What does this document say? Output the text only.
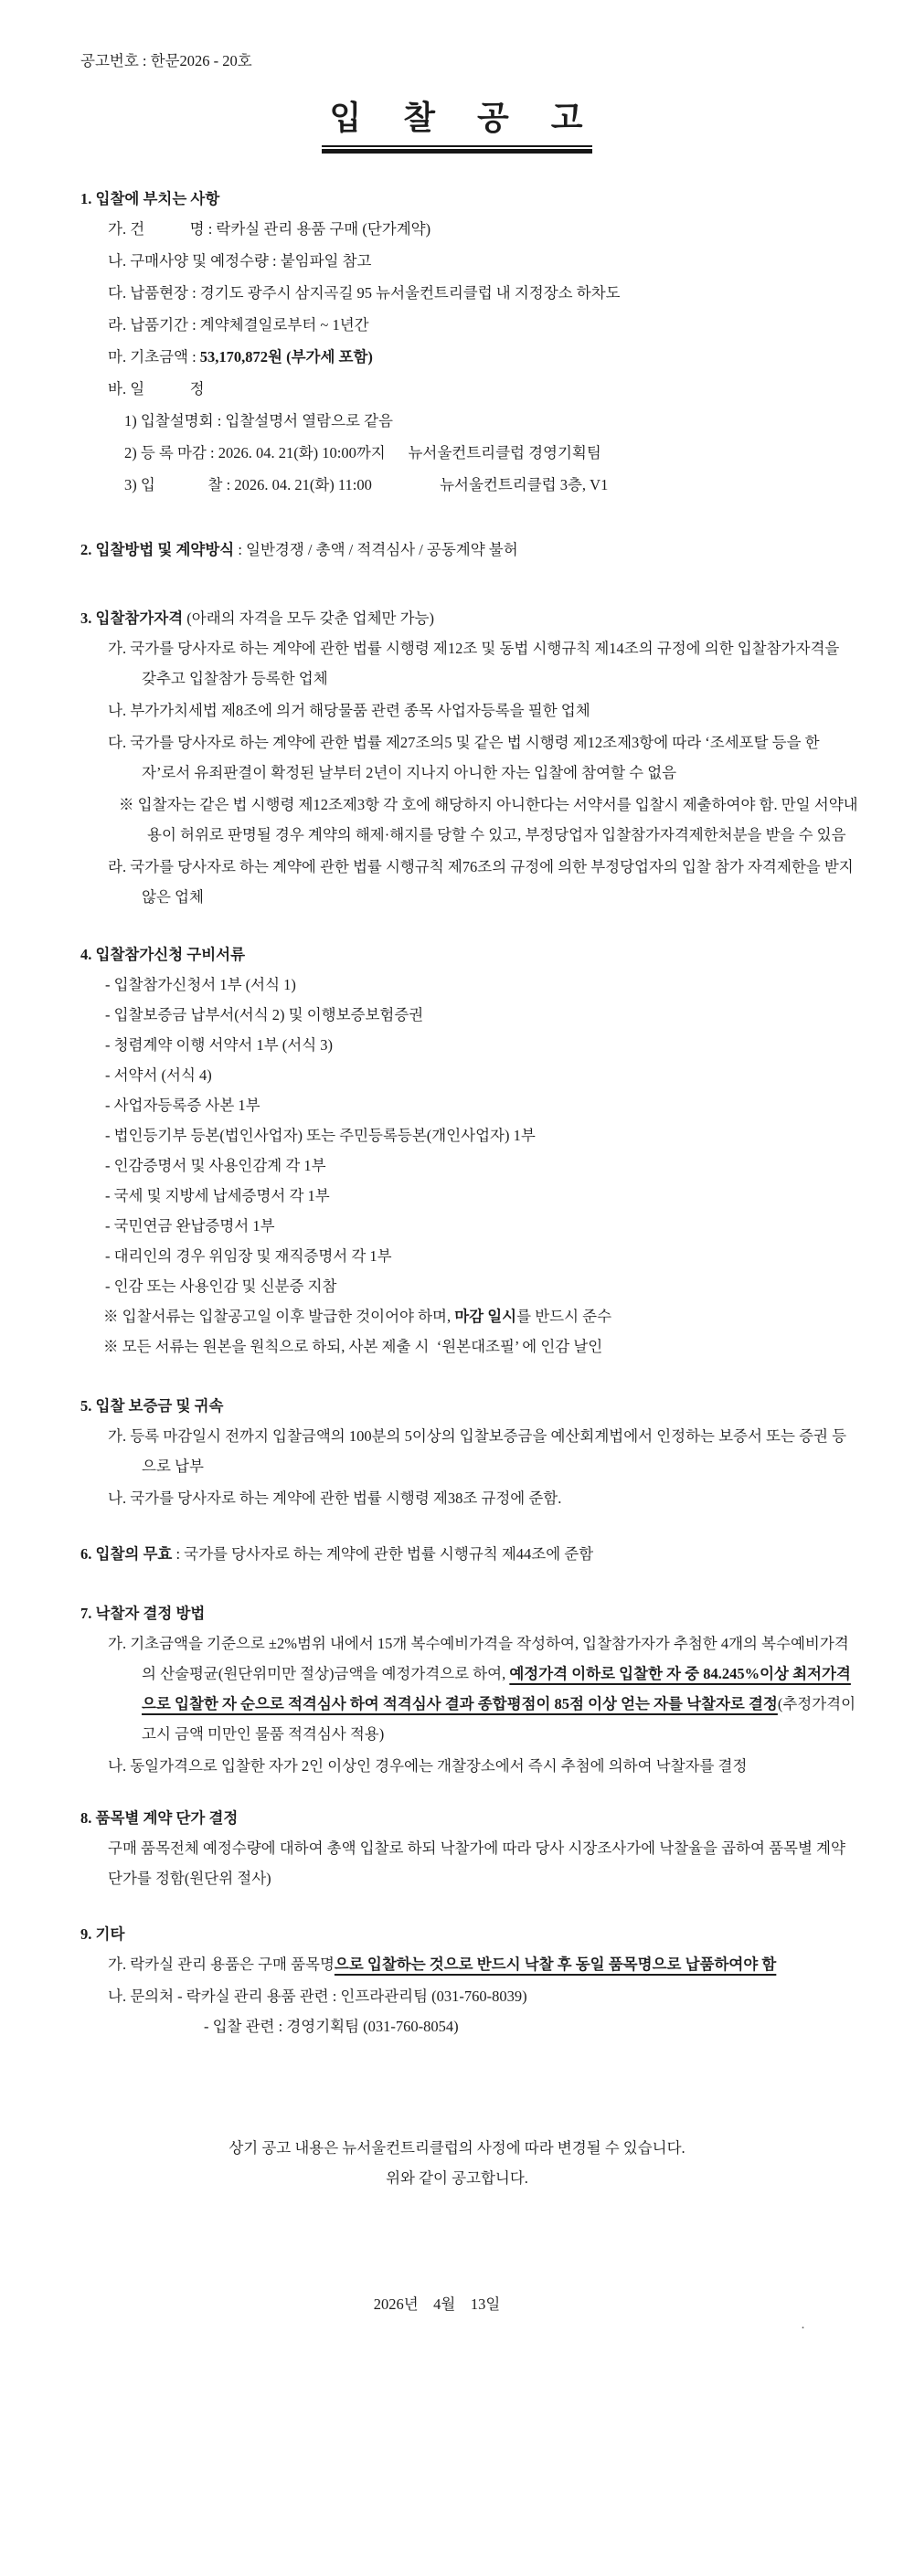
공고번호 : 한문2026 - 20호
입    찰    공    고
1. 입찰에 부치는 사항
가. 건            명 : 락카실 관리 용품 구매 (단가계약)
나. 구매사양 및 예정수량 : 붙임파일 참고
다. 납품현장 : 경기도 광주시 삼지곡길 95 뉴서울컨트리클럽 내 지정장소 하차도
라. 납품기간 : 계약체결일로부터 ~ 1년간
마. 기초금액 : 53,170,872원 (부가세 포함)
바. 일            정
1) 입찰설명회 : 입찰설명서 열람으로 같음
2) 등 록 마감 : 2026. 04. 21(화) 10:00까지      뉴서울컨트리클럽 경영기획팀
3) 입              찰 : 2026. 04. 21(화) 11:00                  뉴서울컨트리클럽 3층, V1
2. 입찰방법 및 계약방식 : 일반경쟁 / 총액 / 적격심사 / 공동계약 불허
3. 입찰참가자격 (아래의 자격을 모두 갖춘 업체만 가능)
가. 국가를 당사자로 하는 계약에 관한 법률 시행령 제12조 및 동법 시행규칙 제14조의 규정에 의한 입찰참가자격을 갖추고 입찰참가 등록한 업체
나. 부가가치세법 제8조에 의거 해당물품 관련 종목 사업자등록을 필한 업체
다. 국가를 당사자로 하는 계약에 관한 법률 제27조의5 및 같은 법 시행령 제12조제3항에 따라 ‘조세포탈 등을 한 자’로서 유죄판결이 확정된 날부터 2년이 지나지 아니한 자는 입찰에 참여할 수 없음
※ 입찰자는 같은 법 시행령 제12조제3항 각 호에 해당하지 아니한다는 서약서를 입찰시 제출하여야 함. 만일 서약내용이 허위로 판명될 경우 계약의 해제·해지를 당할 수 있고, 부정당업자 입찰참가자격제한처분을 받을 수 있음
라. 국가를 당사자로 하는 계약에 관한 법률 시행규칙 제76조의 규정에 의한 부정당업자의 입찰 참가 자격제한을 받지 않은 업체
4. 입찰참가신청 구비서류
- 입찰참가신청서 1부 (서식 1)
- 입찰보증금 납부서(서식 2) 및 이행보증보험증권
- 청렴계약 이행 서약서 1부 (서식 3)
- 서약서 (서식 4)
- 사업자등록증 사본 1부
- 법인등기부 등본(법인사업자) 또는 주민등록등본(개인사업자) 1부
- 인감증명서 및 사용인감계 각 1부
- 국세 및 지방세 납세증명서 각 1부
- 국민연금 완납증명서 1부
- 대리인의 경우 위임장 및 재직증명서 각 1부
- 인감 또는 사용인감 및 신분증 지참
※ 입찰서류는 입찰공고일 이후 발급한 것이어야 하며, 마감 일시를 반드시 준수
※ 모든 서류는 원본을 원칙으로 하되, 사본 제출 시  ‘원본대조필’ 에 인감 날인
5. 입찰 보증금 및 귀속
가. 등록 마감일시 전까지 입찰금액의 100분의 5이상의 입찰보증금을 예산회계법에서 인정하는 보증서 또는 증권 등으로 납부
나. 국가를 당사자로 하는 계약에 관한 법률 시행령 제38조 규정에 준함.
6. 입찰의 무효 : 국가를 당사자로 하는 계약에 관한 법률 시행규칙 제44조에 준함
7. 낙찰자 결정 방법
가. 기초금액을 기준으로 ±2%범위 내에서 15개 복수예비가격을 작성하여, 입찰참가자가 추첨한 4개의 복수예비가격의 산술평균(원단위미만 절상)금액을 예정가격으로 하여, 예정가격 이하로 입찰한 자 중 84.245%이상 최저가격으로 입찰한 자 순으로 적격심사 하여 적격심사 결과 종합평점이 85점 이상 얻는 자를 낙찰자로 결정(추정가격이 고시 금액 미만인 물품 적격심사 적용)
나. 동일가격으로 입찰한 자가 2인 이상인 경우에는 개찰장소에서 즉시 추첨에 의하여 낙찰자를 결정
8. 품목별 계약 단가 결정
구매 품목전체 예정수량에 대하여 총액 입찰로 하되 낙찰가에 따라 당사 시장조사가에 낙찰율을 곱하여 품목별 계약 단가를 정함(원단위 절사)
9. 기타
가. 락카실 관리 용품은 구매 품목명으로 입찰하는 것으로 반드시 낙찰 후 동일 품목명으로 납품하여야 함
나. 문의처 - 락카실 관리 용품 관련 : 인프라관리팀 (031-760-8039)
- 입찰 관련 : 경영기획팀 (031-760-8054)
상기 공고 내용은 뉴서울컨트리클럽의 사정에 따라 변경될 수 있습니다.
위와 같이 공고합니다.
2026년    4월    13일
·
